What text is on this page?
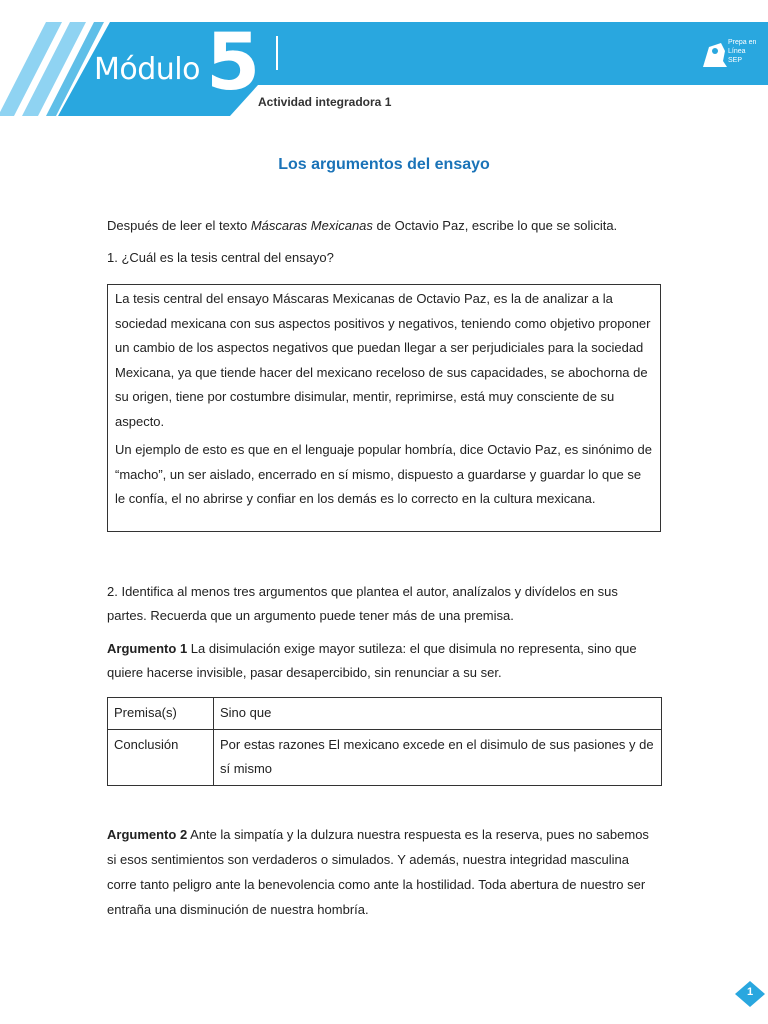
Módulo 5
Actividad integradora 1
Prepa en
Línea
SEP
Los argumentos del ensayo
Después de leer el texto Máscaras Mexicanas de Octavio Paz, escribe lo que se solicita.
1. ¿Cuál es la tesis central del ensayo?

La tesis central del ensayo Máscaras Mexicanas de Octavio Paz, es la de analizar a la sociedad mexicana con sus aspectos positivos y negativos, teniendo como objetivo proponer un cambio de los aspectos negativos que puedan llegar a ser perjudiciales para la sociedad Mexicana, ya que tiende hacer del mexicano receloso de sus capacidades, se abochorna de su origen, tiene por costumbre disimular, mentir, reprimirse, está muy consciente de su aspecto.

Un ejemplo de esto es que en el lenguaje popular hombría, dice Octavio Paz, es sinónimo de “macho”, un ser aislado, encerrado en sí mismo, dispuesto a guardarse y guardar lo que se le confía, el no abrirse y confiar en los demás es lo correcto en la cultura mexicana.

2. Identifica al menos tres argumentos que plantea el autor, analízalos y divídelos en sus partes. Recuerda que un argumento puede tener más de una premisa.
Argumento 1 La disimulación exige mayor sutileza: el que disimula no representa, sino que quiere hacerse invisible, pasar desapercibido, sin renunciar a su ser.
Premisa(s)	Sino que
Conclusión	Por estas razones El mexicano excede en el disimulo de sus pasiones y de sí mismo
Argumento 2 Ante la simpatía y la dulzura nuestra respuesta es la reserva, pues no sabemos si esos sentimientos son verdaderos o simulados. Y además, nuestra integridad masculina corre tanto peligro ante la benevolencia como ante la hostilidad. Toda abertura de nuestro ser entraña una disminución de nuestra hombría.
1
